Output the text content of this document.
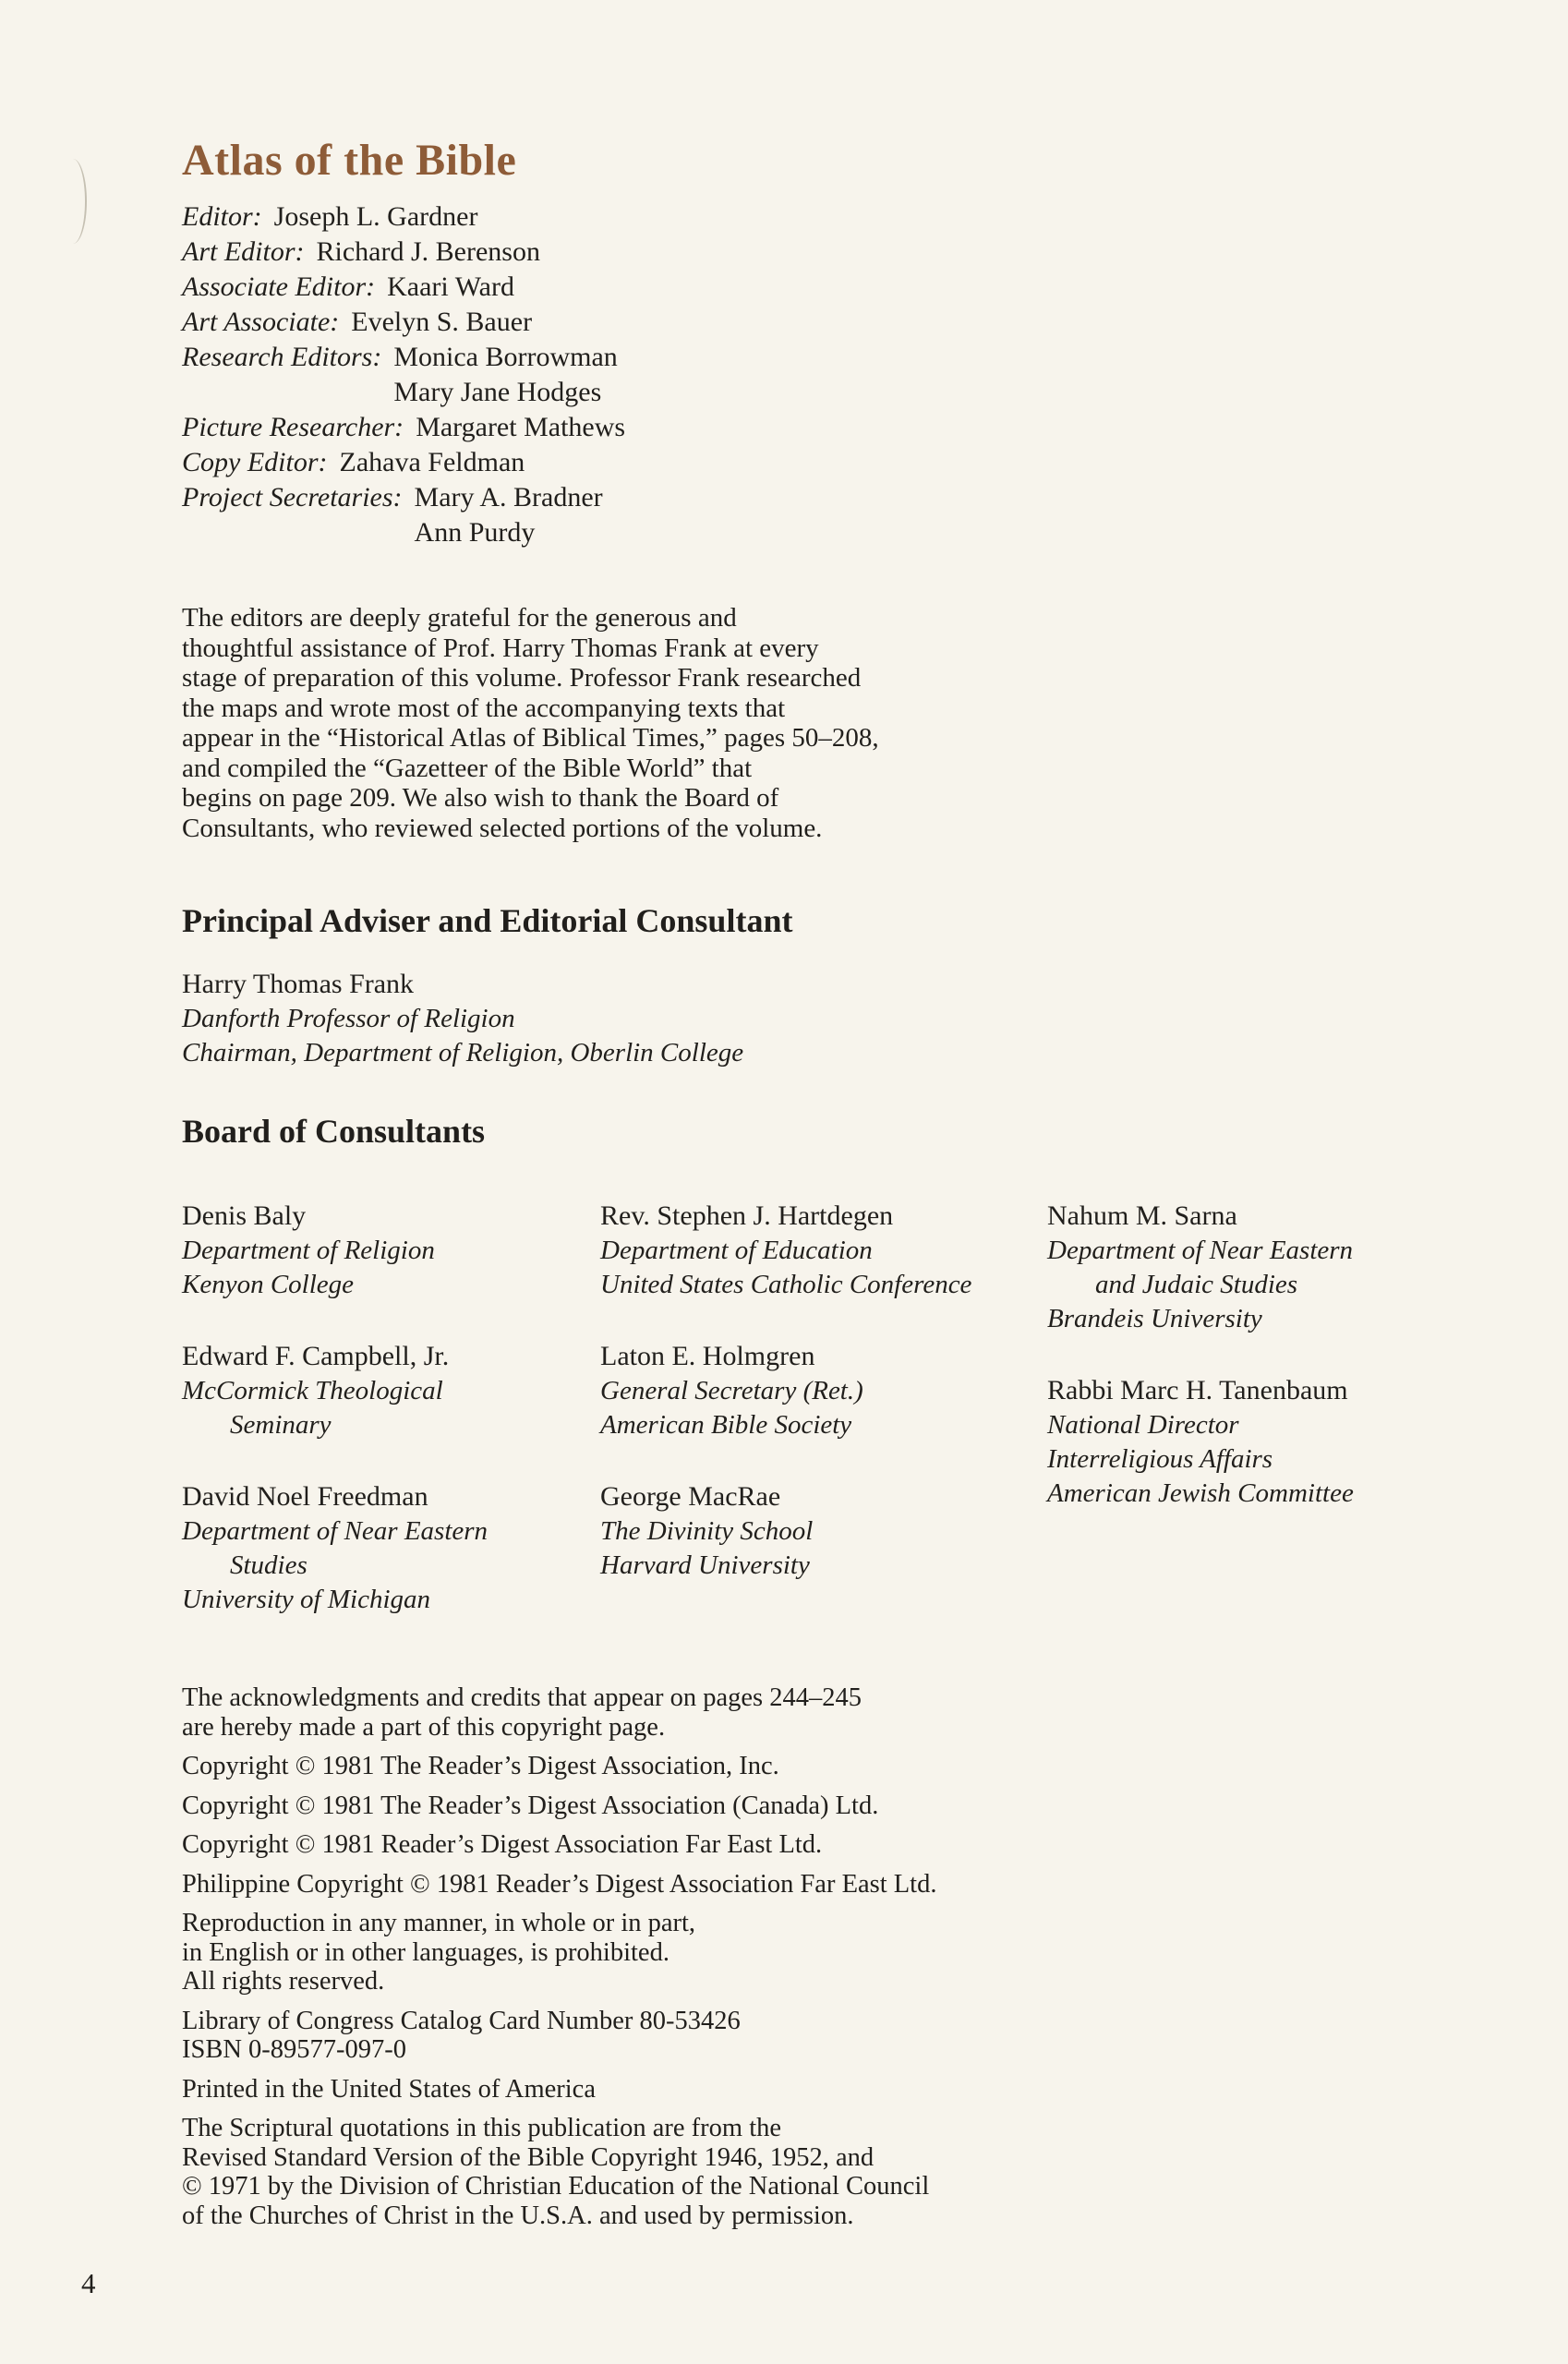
Atlas of the Bible
Editor: Joseph L. Gardner
Art Editor: Richard J. Berenson
Associate Editor: Kaari Ward
Art Associate: Evelyn S. Bauer
Research Editors: Monica Borrowman
Mary Jane Hodges
Picture Researcher: Margaret Mathews
Copy Editor: Zahava Feldman
Project Secretaries: Mary A. Bradner
Ann Purdy
The editors are deeply grateful for the generous and
thoughtful assistance of Prof. Harry Thomas Frank at every
stage of preparation of this volume. Professor Frank researched
the maps and wrote most of the accompanying texts that
appear in the “Historical Atlas of Biblical Times,” pages 50–208,
and compiled the “Gazetteer of the Bible World” that
begins on page 209. We also wish to thank the Board of
Consultants, who reviewed selected portions of the volume.
Principal Adviser and Editorial Consultant
Harry Thomas Frank
Danforth Professor of Religion
Chairman, Department of Religion, Oberlin College
Board of Consultants
Denis Baly
Department of Religion
Kenyon College
Edward F. Campbell, Jr.
McCormick Theological
Seminary
David Noel Freedman
Department of Near Eastern
Studies
University of Michigan
Rev. Stephen J. Hartdegen
Department of Education
United States Catholic Conference
Laton E. Holmgren
General Secretary (Ret.)
American Bible Society
George MacRae
The Divinity School
Harvard University
Nahum M. Sarna
Department of Near Eastern
and Judaic Studies
Brandeis University
Rabbi Marc H. Tanenbaum
National Director
Interreligious Affairs
American Jewish Committee
The acknowledgments and credits that appear on pages 244–245
are hereby made a part of this copyright page.
Copyright © 1981 The Reader’s Digest Association, Inc.
Copyright © 1981 The Reader’s Digest Association (Canada) Ltd.
Copyright © 1981 Reader’s Digest Association Far East Ltd.
Philippine Copyright © 1981 Reader’s Digest Association Far East Ltd.
Reproduction in any manner, in whole or in part,
in English or in other languages, is prohibited.
All rights reserved.
Library of Congress Catalog Card Number 80-53426
ISBN 0-89577-097-0
Printed in the United States of America
The Scriptural quotations in this publication are from the
Revised Standard Version of the Bible Copyright 1946, 1952, and
© 1971 by the Division of Christian Education of the National Council
of the Churches of Christ in the U.S.A. and used by permission.
4
